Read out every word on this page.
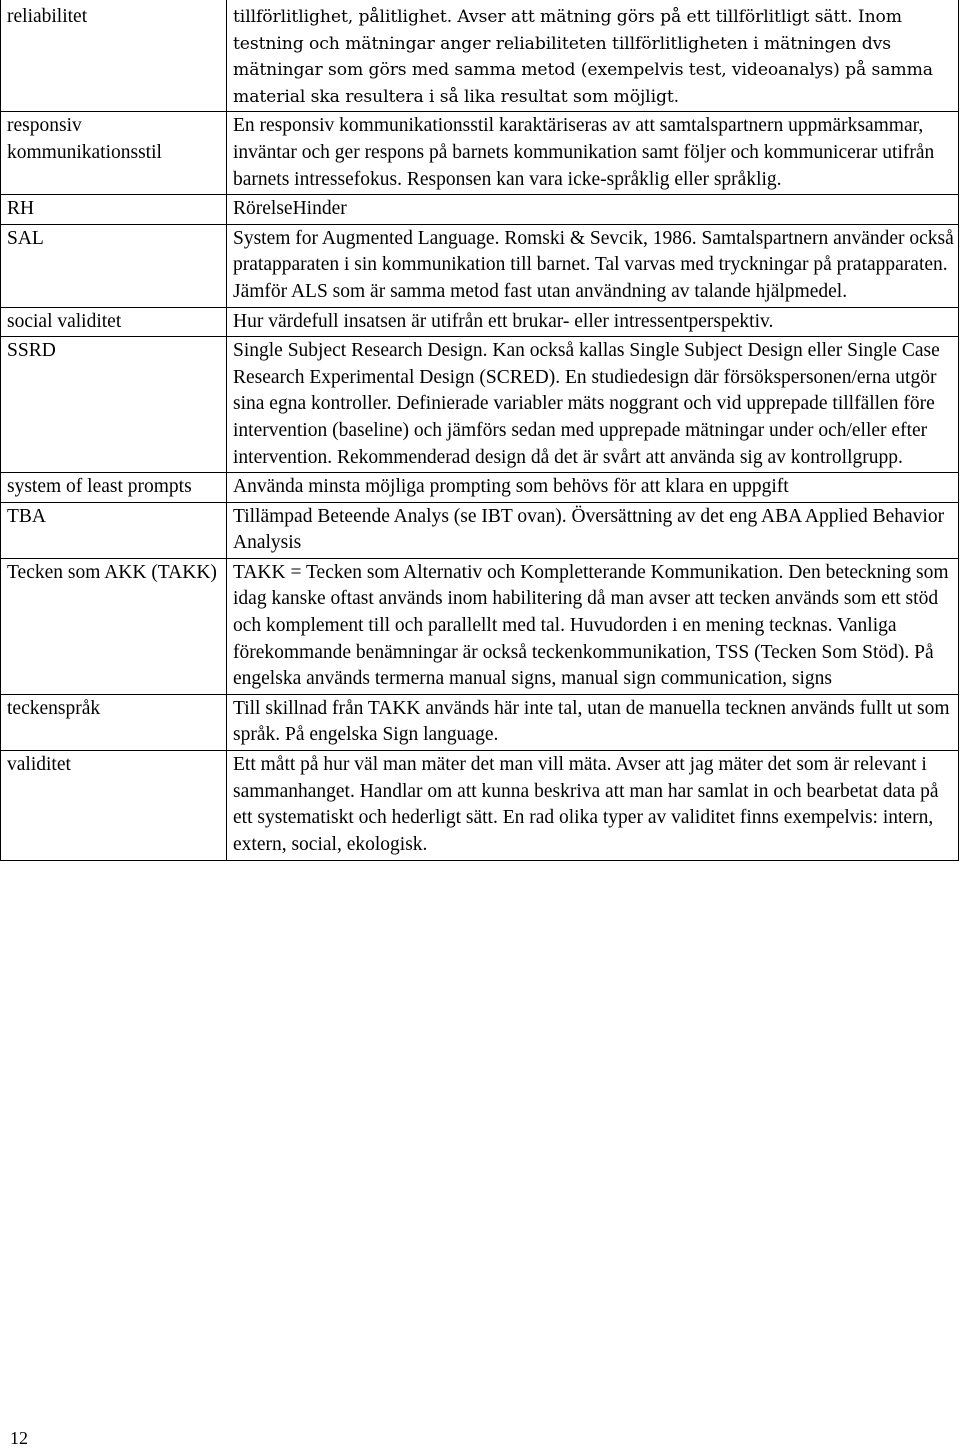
reliabilitet	tillförlitlighet, pålitlighet. Avser att mätning görs på ett tillförlitligt sätt. Inom testning och mätningar anger reliabiliteten tillförlitligheten i mätningen dvs mätningar som görs med samma metod (exempelvis test, videoanalys) på samma material ska resultera i så lika resultat som möjligt.
responsiv kommunikationsstil	En responsiv kommunikationsstil karaktäriseras av att samtalspartnern uppmärksammar, inväntar och ger respons på barnets kommunikation samt följer och kommunicerar utifrån barnets intressefokus. Responsen kan vara icke-språklig eller språklig.
RH	RörelseHinder
SAL	System for Augmented Language. Romski & Sevcik, 1986. Samtalspartnern använder också pratapparaten i sin kommunikation till barnet. Tal varvas med tryckningar på pratapparaten. Jämför ALS som är samma metod fast utan användning av talande hjälpmedel.
social validitet	Hur värdefull insatsen är utifrån ett brukar- eller intressentperspektiv.
SSRD	Single Subject Research Design. Kan också kallas Single Subject Design eller Single Case Research Experimental Design (SCRED). En studiedesign där försökspersonen/erna utgör sina egna kontroller. Definierade variabler mäts noggrant och vid upprepade tillfällen före intervention (baseline) och jämförs sedan med upprepade mätningar under och/eller efter intervention. Rekommenderad design då det är svårt att använda sig av kontrollgrupp.
system of least prompts	Använda minsta möjliga prompting som behövs för att klara en uppgift
TBA	Tillämpad Beteende Analys (se IBT ovan). Översättning av det eng ABA Applied Behavior Analysis
Tecken som AKK (TAKK)	TAKK = Tecken som Alternativ och Kompletterande Kommunikation. Den beteckning som idag kanske oftast används inom habilitering då man avser att tecken används som ett stöd och komplement till och parallellt med tal. Huvudorden i en mening tecknas. Vanliga förekommande benämningar är också teckenkommunikation, TSS (Tecken Som Stöd). På engelska används termerna manual signs, manual sign communication, signs
teckenspråk	Till skillnad från TAKK används här inte tal, utan de manuella tecknen används fullt ut som språk. På engelska Sign language.
validitet	Ett mått på hur väl man mäter det man vill mäta. Avser att jag mäter det som är relevant i sammanhanget. Handlar om att kunna beskriva att man har samlat in och bearbetat data på ett systematiskt och hederligt sätt. En rad olika typer av validitet finns exempelvis: intern, extern, social, ekologisk.
12
